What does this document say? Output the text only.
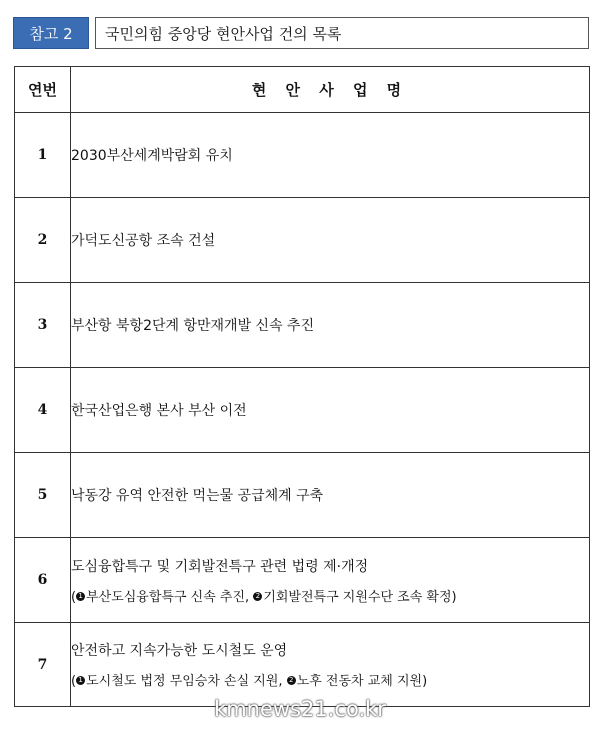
참고 2	국민의힘 중앙당 현안사업 건의 목록
연번	현 안 사 업 명
1	2030부산세계박람회 유치
2	가덕도신공항 조속 건설
3	부산항 북항2단계 항만재개발 신속 추진
4	한국산업은행 본사 부산 이전
5	낙동강 유역 안전한 먹는물 공급체계 구축
6	도심융합특구 및 기회발전특구 관련 법령 제·개정
( 1 부산도심융합특구 신속 추진, 2 기회발전특구 지원수단 조속 확정)

7	안전하고 지속가능한 도시철도 운영
( 1 도시철도 법정 무임승차 손실 지원, 2 노후 전동차 교체 지원)
kmnews21.co.kr
